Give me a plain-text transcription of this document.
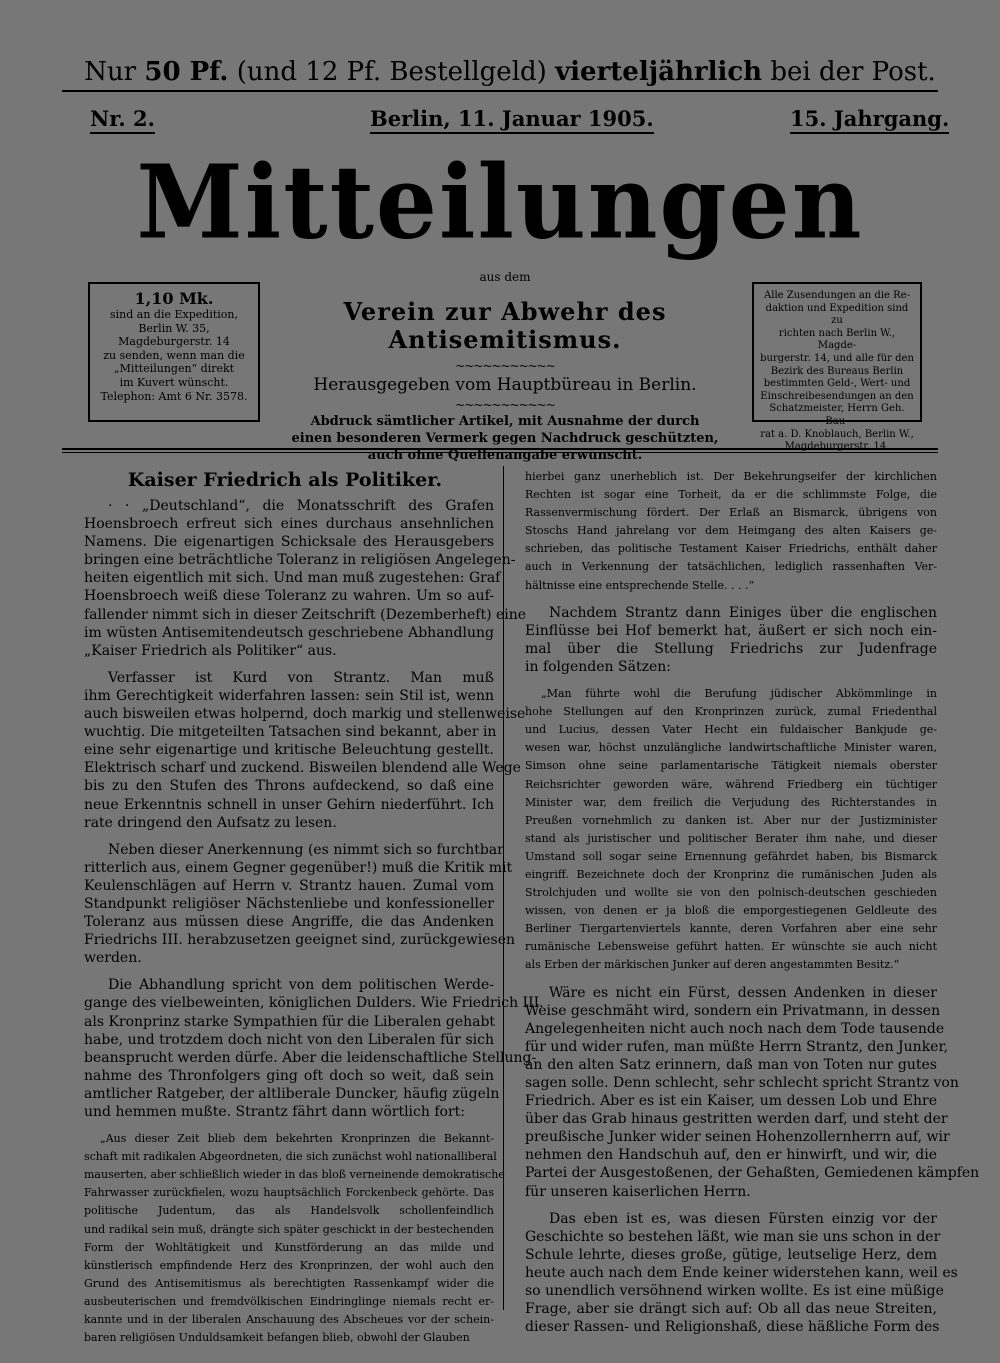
Nur 50 Pf. (und 12 Pf. Bestellgeld) vierteljährlich bei der Post.
Nr. 2.	Berlin, 11. Januar 1905.	15. Jahrgang.
Mitteilungen

1,10 Mk.

sind an die Expedition,

Berlin W. 35,

Magdeburgerstr. 14

zu senden, wenn man die

„Mitteilungen“ direkt

im Kuvert wünscht.

Telephon: Amt 6 Nr. 3578.

Alle Zusendungen an die Re-

daktion und Expedition sind zu

richten nach Berlin W., Magde-

burgerstr. 14, und alle für den

Bezirk des Bureaus Berlin

bestimmten Geld-, Wert- und

Einschreibesendungen an den

Schatzmeister, Herrn Geh. Bau-

rat a. D. Knoblauch, Berlin W.,

Magdeburgerstr. 14.

aus dem
Verein zur Abwehr des Antisemitismus.
~~~~~~~~~~~
Herausgegeben vom Hauptbüreau in Berlin.
~~~~~~~~~~~
Abdruck sämtlicher Artikel, mit Ausnahme der durch
einen besonderen Vermerk gegen Nachdruck geschützten,
auch ohne Quellenangabe erwünscht.
Kaiser Friedrich als Politiker.
· · „Deutschland“, die Monatsschrift des Grafen
Hoensbroech erfreut sich eines durchaus ansehnlichen
Namens. Die eigenartigen Schicksale des Herausgebers
bringen eine beträchtliche Toleranz in religiösen Angelegen-
heiten eigentlich mit sich. Und man muß zugestehen: Graf
Hoensbroech weiß diese Toleranz zu wahren. Um so auf-
fallender nimmt sich in dieser Zeitschrift (Dezemberheft) eine
im wüsten Antisemitendeutsch geschriebene Abhandlung
„Kaiser Friedrich als Politiker“ aus.
Verfasser ist Kurd von Strantz. Man muß
ihm Gerechtigkeit widerfahren lassen: sein Stil ist, wenn
auch bisweilen etwas holpernd, doch markig und stellenweise
wuchtig. Die mitgeteilten Tatsachen sind bekannt, aber in
eine sehr eigenartige und kritische Beleuchtung gestellt.
Elektrisch scharf und zuckend. Bisweilen blendend alle Wege
bis zu den Stufen des Throns aufdeckend, so daß eine
neue Erkenntnis schnell in unser Gehirn niederführt. Ich
rate dringend den Aufsatz zu lesen.
Neben dieser Anerkennung (es nimmt sich so furchtbar
ritterlich aus, einem Gegner gegenüber!) muß die Kritik mit
Keulenschlägen auf Herrn v. Strantz hauen. Zumal vom
Standpunkt religiöser Nächstenliebe und konfessioneller
Toleranz aus müssen diese Angriffe, die das Andenken
Friedrichs III. herabzusetzen geeignet sind, zurückgewiesen
werden.
Die Abhandlung spricht von dem politischen Werde-
gange des vielbeweinten, königlichen Dulders. Wie Friedrich III.
als Kronprinz starke Sympathien für die Liberalen gehabt
habe, und trotzdem doch nicht von den Liberalen für sich
beansprucht werden dürfe. Aber die leidenschaftliche Stellung-
nahme des Thronfolgers ging oft doch so weit, daß sein
amtlicher Ratgeber, der altliberale Duncker, häufig zügeln
und hemmen mußte. Strantz fährt dann wörtlich fort:
„Aus dieser Zeit blieb dem bekehrten Kronprinzen die Bekannt-
schaft mit radikalen Abgeordneten, die sich zunächst wohl nationalliberal
mauserten, aber schließlich wieder in das bloß verneinende demokratische
Fahrwasser zurückfielen, wozu hauptsächlich Forckenbeck gehörte. Das
politische Judentum, das als Handelsvolk schollenfeindlich
und radikal sein muß, drängte sich später geschickt in der bestechenden
Form der Wohltätigkeit und Kunstförderung an das milde und
künstlerisch empfindende Herz des Kronprinzen, der wohl auch den
Grund des Antisemitismus als berechtigten Rassenkampf wider die
ausbeuterischen und fremdvölkischen Eindringlinge niemals recht er-
kannte und in der liberalen Anschauung des Abscheues vor der schein-
baren religiösen Unduldsamkeit befangen blieb, obwohl der Glauben
hierbei ganz unerheblich ist. Der Bekehrungseifer der kirchlichen
Rechten ist sogar eine Torheit, da er die schlimmste Folge, die
Rassenvermischung fördert. Der Erlaß an Bismarck, übrigens von
Stoschs Hand jahrelang vor dem Heimgang des alten Kaisers ge-
schrieben, das politische Testament Kaiser Friedrichs, enthält daher
auch in Verkennung der tatsächlichen, lediglich rassenhaften Ver-
hältnisse eine entsprechende Stelle. . . .“
Nachdem Strantz dann Einiges über die englischen
Einflüsse bei Hof bemerkt hat, äußert er sich noch ein-
mal über die Stellung Friedrichs zur Judenfrage
in folgenden Sätzen:
„Man führte wohl die Berufung jüdischer Abkömmlinge in
hohe Stellungen auf den Kronprinzen zurück, zumal Friedenthal
und Lucius, dessen Vater Hecht ein fuldaischer Bankjude ge-
wesen war, höchst unzulängliche landwirtschaftliche Minister waren,
Simson ohne seine parlamentarische Tätigkeit niemals oberster
Reichsrichter geworden wäre, während Friedberg ein tüchtiger
Minister war, dem freilich die Verjudung des Richterstandes in
Preußen vornehmlich zu danken ist. Aber nur der Justizminister
stand als juristischer und politischer Berater ihm nahe, und dieser
Umstand soll sogar seine Ernennung gefährdet haben, bis Bismarck
eingriff. Bezeichnete doch der Kronprinz die rumänischen Juden als
Strolchjuden und wollte sie von den polnisch-deutschen geschieden
wissen, von denen er ja bloß die emporgestiegenen Geldleute des
Berliner Tiergartenviertels kannte, deren Vorfahren aber eine sehr
rumänische Lebensweise geführt hatten. Er wünschte sie auch nicht
als Erben der märkischen Junker auf deren angestammten Besitz.“
Wäre es nicht ein Fürst, dessen Andenken in dieser
Weise geschmäht wird, sondern ein Privatmann, in dessen
Angelegenheiten nicht auch noch nach dem Tode tausende
für und wider rufen, man müßte Herrn Strantz, den Junker,
an den alten Satz erinnern, daß man von Toten nur gutes
sagen solle. Denn schlecht, sehr schlecht spricht Strantz von
Friedrich. Aber es ist ein Kaiser, um dessen Lob und Ehre
über das Grab hinaus gestritten werden darf, und steht der
preußische Junker wider seinen Hohenzollernherrn auf, wir
nehmen den Handschuh auf, den er hinwirft, und wir, die
Partei der Ausgestoßenen, der Gehaßten, Gemiedenen kämpfen
für unseren kaiserlichen Herrn.
Das eben ist es, was diesen Fürsten einzig vor der
Geschichte so bestehen läßt, wie man sie uns schon in der
Schule lehrte, dieses große, gütige, leutselige Herz, dem
heute auch nach dem Ende keiner widerstehen kann, weil es
so unendlich versöhnend wirken wollte. Es ist eine müßige
Frage, aber sie drängt sich auf: Ob all das neue Streiten,
dieser Rassen- und Religionshaß, diese häßliche Form des
